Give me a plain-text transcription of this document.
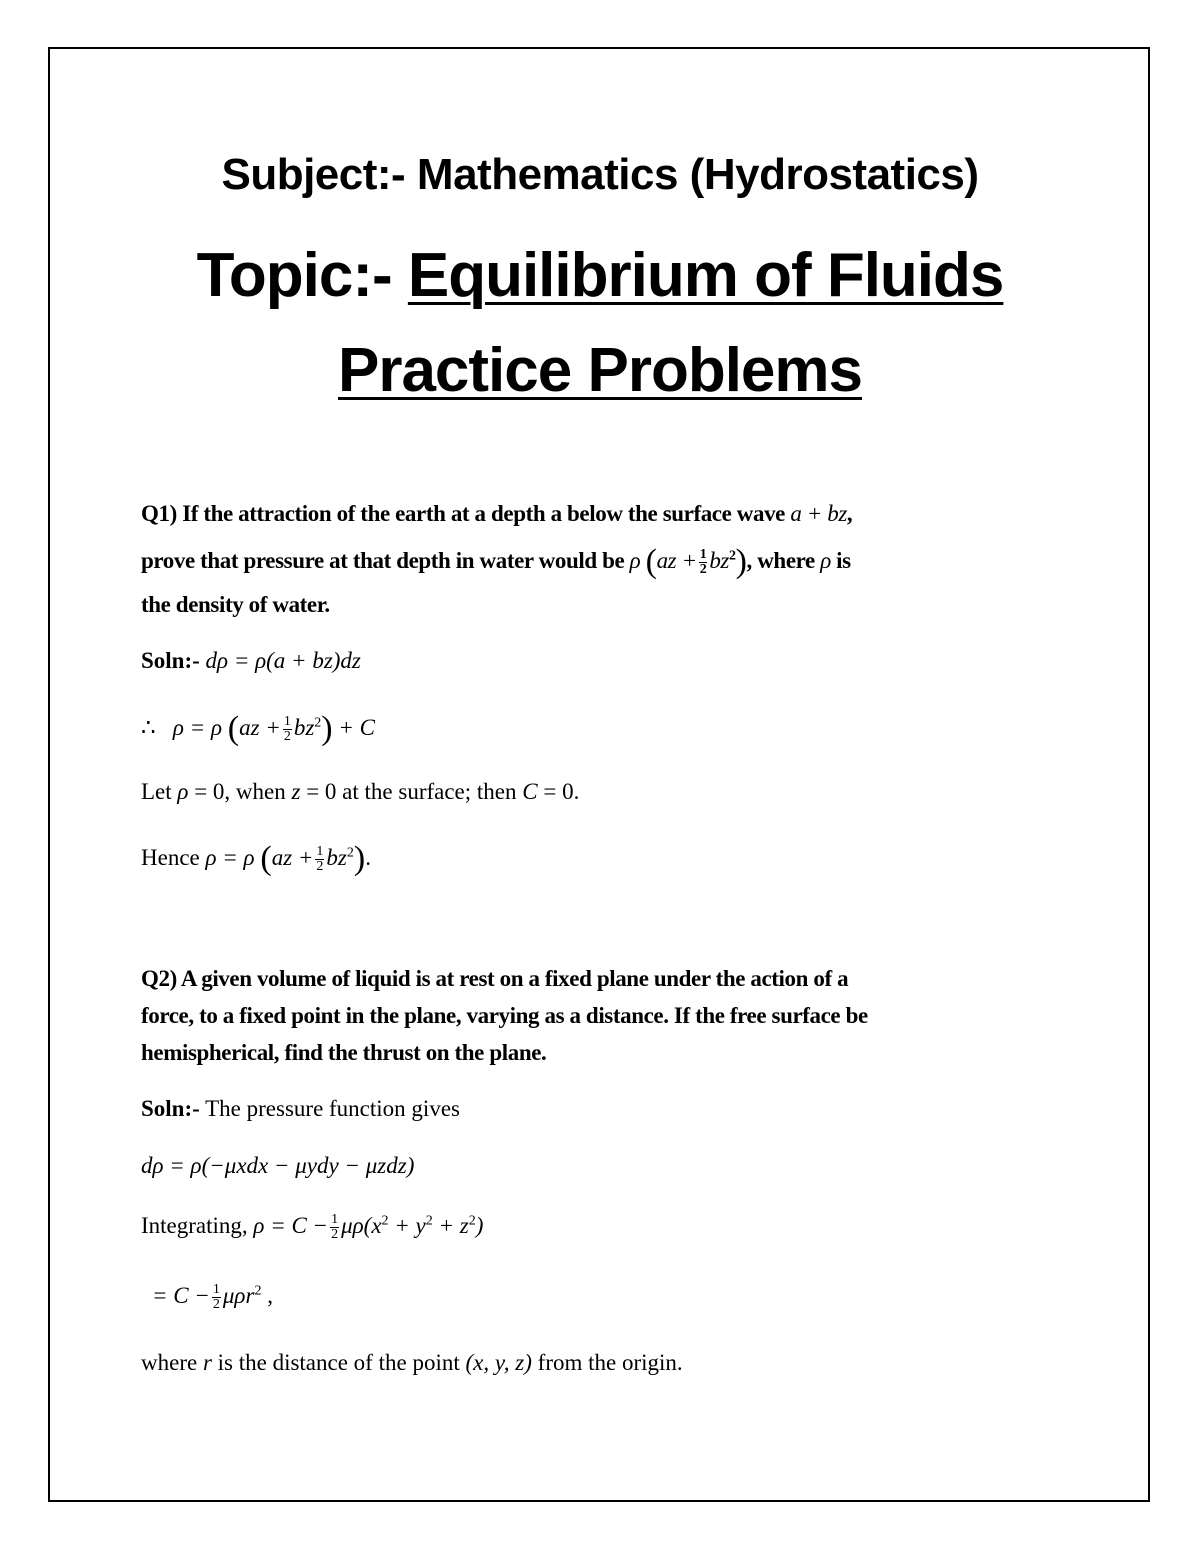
Subject:- Mathematics (Hydrostatics)
Topic:- Equilibrium of Fluids
Practice Problems
Q1) If the attraction of the earth at a depth a below the surface wave a + bz,
prove that pressure at that depth in water would be ρ $(az + \frac{1}{2} bz^2)$, where ρ is
the density of water.
Soln:- dρ = ρ(a + bz)dz
∴ ρ = ρ $(az + \frac{1}{2} bz^2) + C$
Let ρ = 0, when z = 0 at the surface; then C = 0.
Hence ρ = ρ $(az + \frac{1}{2} bz^2)$.
Q2) A given volume of liquid is at rest on a fixed plane under the action of a
force, to a fixed point in the plane, varying as a distance. If the free surface be
hemispherical, find the thrust on the plane.
Soln:- The pressure function gives
dρ = ρ(−μxdx − μydy − μzdz)
Integrating, $\rho = C - \frac{1}{2} \mu\rho(x^2 + y^2 + z^2)$
= $C - \frac{1}{2} \mu\rho r^2$ ,
where r is the distance of the point (x, y, z) from the origin.
